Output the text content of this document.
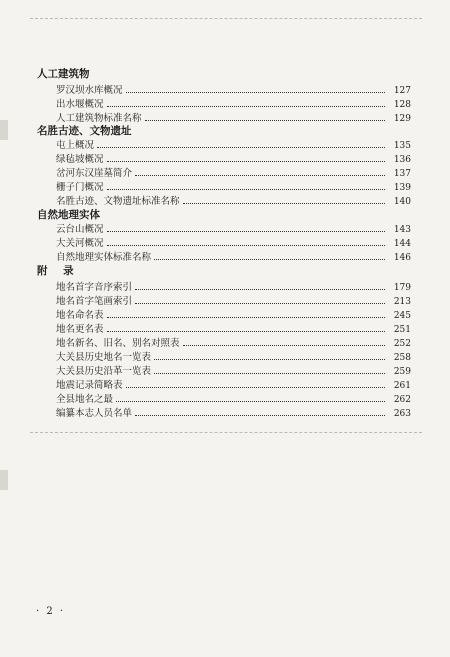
人工建筑物
罗汉坝水库概况	127
出水堰概况	128
人工建筑物标准名称	129
名胜古迹、文物遗址
屯上概况	135
绿毡坡概况	136
岔河东汉崖墓简介	137
栅子门概况	139
名胜古迹、文物遗址标准名称	140
自然地理实体
云台山概况	143
大关河概况	144
自然地理实体标准名称	146
附 录
地名首字音序索引	179
地名首字笔画索引	213
地名命名表	245
地名更名表	251
地名新名、旧名、别名对照表	252
大关县历史地名一览表	258
大关县历史沿革一览表	259
地震记录简略表	261
全县地名之最	262
编纂本志人员名单	263
· 2 ·
